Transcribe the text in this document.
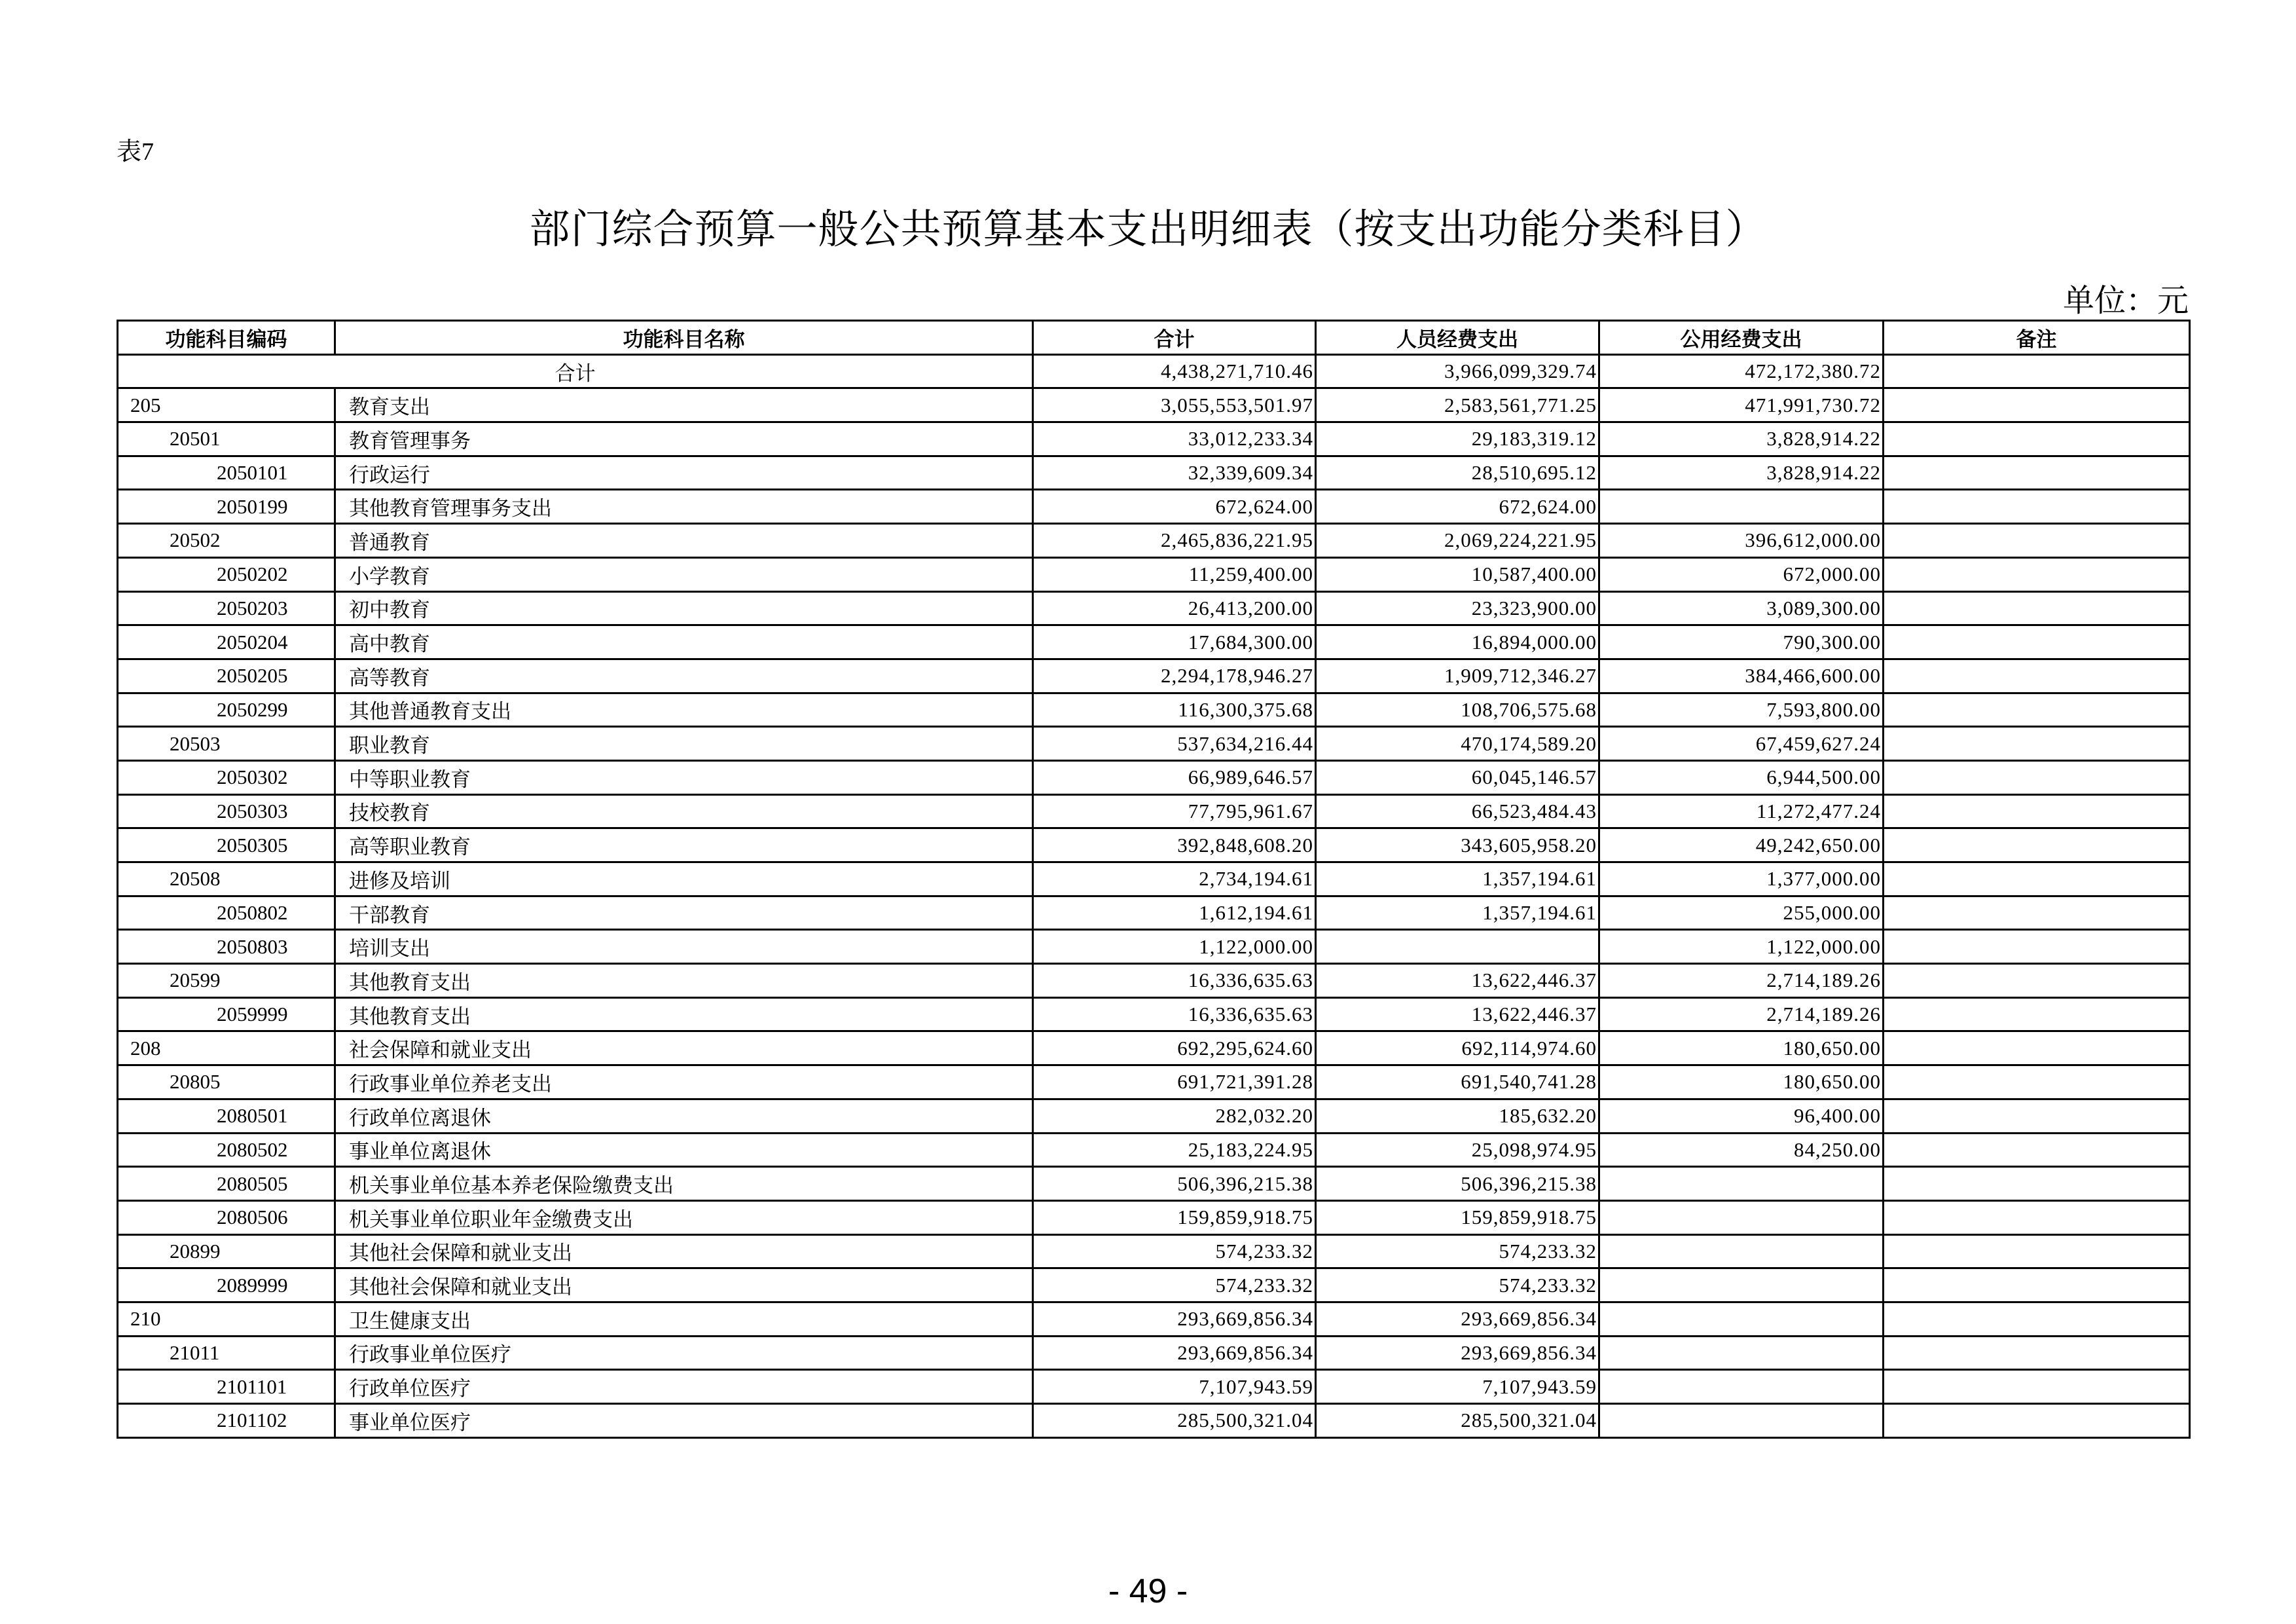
表7
部门综合预算一般公共预算基本支出明细表（按支出功能分类科目）
单位：元
功能科目编码	功能科目名称	合计	人员经费支出	公用经费支出	备注
合计		4,438,271,710.46	3,966,099,329.74	472,172,380.72	
205	教育支出	3,055,553,501.97	2,583,561,771.25	471,991,730.72	
20501	教育管理事务	33,012,233.34	29,183,319.12	3,828,914.22	
2050101	行政运行	32,339,609.34	28,510,695.12	3,828,914.22	
2050199	其他教育管理事务支出	672,624.00	672,624.00		
20502	普通教育	2,465,836,221.95	2,069,224,221.95	396,612,000.00	
2050202	小学教育	11,259,400.00	10,587,400.00	672,000.00	
2050203	初中教育	26,413,200.00	23,323,900.00	3,089,300.00	
2050204	高中教育	17,684,300.00	16,894,000.00	790,300.00	
2050205	高等教育	2,294,178,946.27	1,909,712,346.27	384,466,600.00	
2050299	其他普通教育支出	116,300,375.68	108,706,575.68	7,593,800.00	
20503	职业教育	537,634,216.44	470,174,589.20	67,459,627.24	
2050302	中等职业教育	66,989,646.57	60,045,146.57	6,944,500.00	
2050303	技校教育	77,795,961.67	66,523,484.43	11,272,477.24	
2050305	高等职业教育	392,848,608.20	343,605,958.20	49,242,650.00	
20508	进修及培训	2,734,194.61	1,357,194.61	1,377,000.00	
2050802	干部教育	1,612,194.61	1,357,194.61	255,000.00	
2050803	培训支出	1,122,000.00		1,122,000.00	
20599	其他教育支出	16,336,635.63	13,622,446.37	2,714,189.26	
2059999	其他教育支出	16,336,635.63	13,622,446.37	2,714,189.26	
208	社会保障和就业支出	692,295,624.60	692,114,974.60	180,650.00	
20805	行政事业单位养老支出	691,721,391.28	691,540,741.28	180,650.00	
2080501	行政单位离退休	282,032.20	185,632.20	96,400.00	
2080502	事业单位离退休	25,183,224.95	25,098,974.95	84,250.00	
2080505	机关事业单位基本养老保险缴费支出	506,396,215.38	506,396,215.38		
2080506	机关事业单位职业年金缴费支出	159,859,918.75	159,859,918.75		
20899	其他社会保障和就业支出	574,233.32	574,233.32		
2089999	其他社会保障和就业支出	574,233.32	574,233.32		
210	卫生健康支出	293,669,856.34	293,669,856.34		
21011	行政事业单位医疗	293,669,856.34	293,669,856.34		
2101101	行政单位医疗	7,107,943.59	7,107,943.59		
2101102	事业单位医疗	285,500,321.04	285,500,321.04		
- 49 -
